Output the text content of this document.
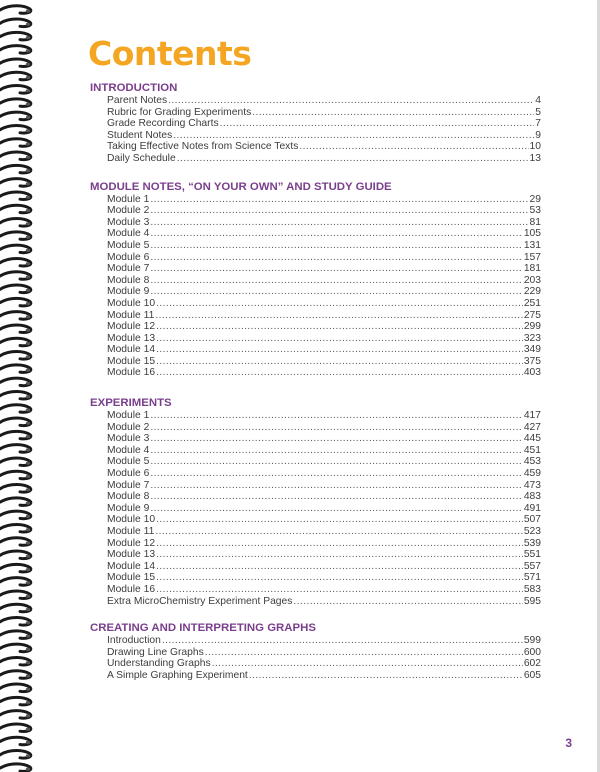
Contents
INTRODUCTION
Parent Notes .....	4
Rubric for Grading Experiments .....	5
Grade Recording Charts .....	7
Student Notes .....	9
Taking Effective Notes from Science Texts .....	10
Daily Schedule .....	13
MODULE NOTES, “ON YOUR OWN” AND STUDY GUIDE
Module 1 .....	29
Module 2 .....	53
Module 3 .....	81
Module 4 .....	105
Module 5 .....	131
Module 6 .....	157
Module 7 .....	181
Module 8 .....	203
Module 9 .....	229
Module 10 .....	251
Module 11 .....	275
Module 12 .....	299
Module 13 .....	323
Module 14 .....	349
Module 15 .....	375
Module 16 .....	403
EXPERIMENTS
Module 1 .....	417
Module 2 .....	427
Module 3 .....	445
Module 4 .....	451
Module 5 .....	453
Module 6 .....	459
Module 7 .....	473
Module 8 .....	483
Module 9 .....	491
Module 10 .....	507
Module 11 .....	523
Module 12 .....	539
Module 13 .....	551
Module 14 .....	557
Module 15 .....	571
Module 16 .....	583
Extra MicroChemistry Experiment Pages .....	595
CREATING AND INTERPRETING GRAPHS
Introduction .....	599
Drawing Line Graphs .....	600
Understanding Graphs .....	602
A Simple Graphing Experiment .....	605
3
